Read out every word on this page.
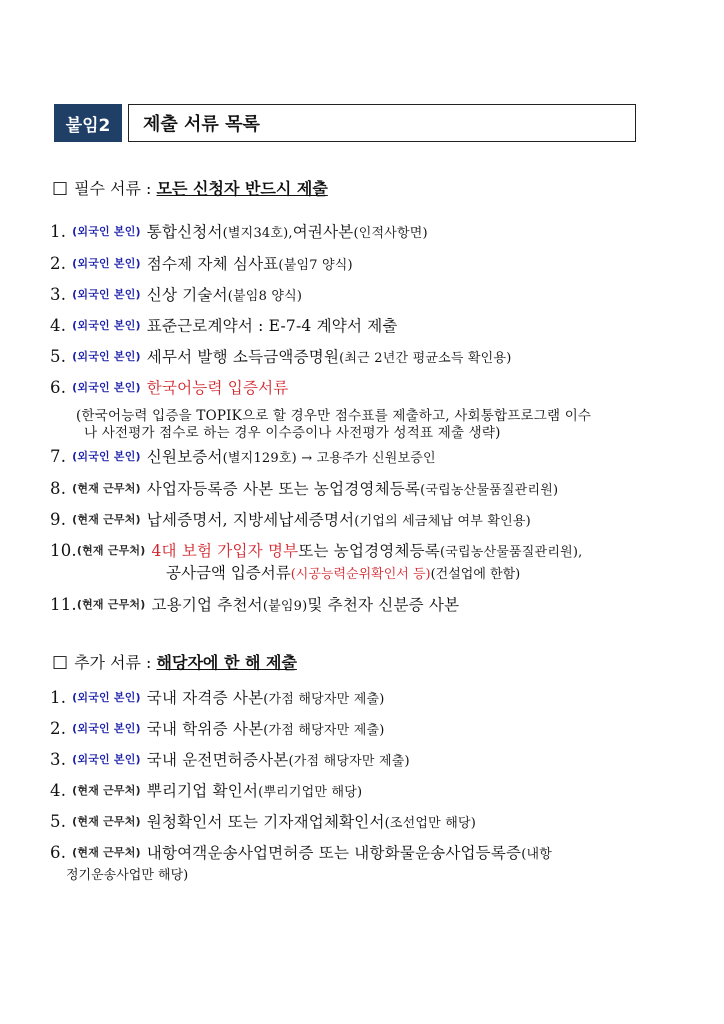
붙임2	제출 서류 목록
□ 필수 서류 :
모든 신청자 반드시 제출
1. (외국인 본인) 통합신청서 (별지34호), 여권사본 (인적사항면)
2. (외국인 본인) 점수제 자체 심사표 (붙임7 양식)
3. (외국인 본인) 신상 기술서 (붙임8 양식)
4. (외국인 본인) 표준근로계약서 : E-7-4 계약서 제출
5. (외국인 본인) 세무서 발행 소득금액증명원 (최근 2년간 평균소득 확인용)
6. (외국인 본인) 한국어능력 입증서류
(한국어능력 입증을 TOPIK으로 할 경우만 점수표를 제출하고, 사회통합프로그램 이수
나 사전평가 점수로 하는 경우 이수증이나 사전평가 성적표 제출 생략)
7. (외국인 본인) 신원보증서 (별지129호) → 고용주가 신원보증인
8. (현재 근무처) 사업자등록증 사본 또는 농업경영체등록 (국립농산물품질관리원)
9. (현재 근무처) 납세증명서, 지방세납세증명서 (기업의 세금체납 여부 확인용)
10. (현재 근무처) 4대 보험 가입자 명부 또는 농업경영체등록 (국립농산물품질관리원),
공사금액 입증서류(시공능력순위확인서 등)(건설업에 한함)
11. (현재 근무처) 고용기업 추천서 (붙임9) 및 추천자 신분증 사본
□ 추가 서류 :
해당자에 한 해 제출
1. (외국인 본인) 국내 자격증 사본 (가점 해당자만 제출)
2. (외국인 본인) 국내 학위증 사본 (가점 해당자만 제출)
3. (외국인 본인) 국내 운전면허증사본 (가점 해당자만 제출)
4. (현재 근무처) 뿌리기업 확인서 (뿌리기업만 해당)
5. (현재 근무처) 원청확인서 또는 기자재업체확인서 (조선업만 해당)
6. (현재 근무처) 내항여객운송사업면허증 또는 내항화물운송사업등록증 (내항
정기운송사업만 해당)
